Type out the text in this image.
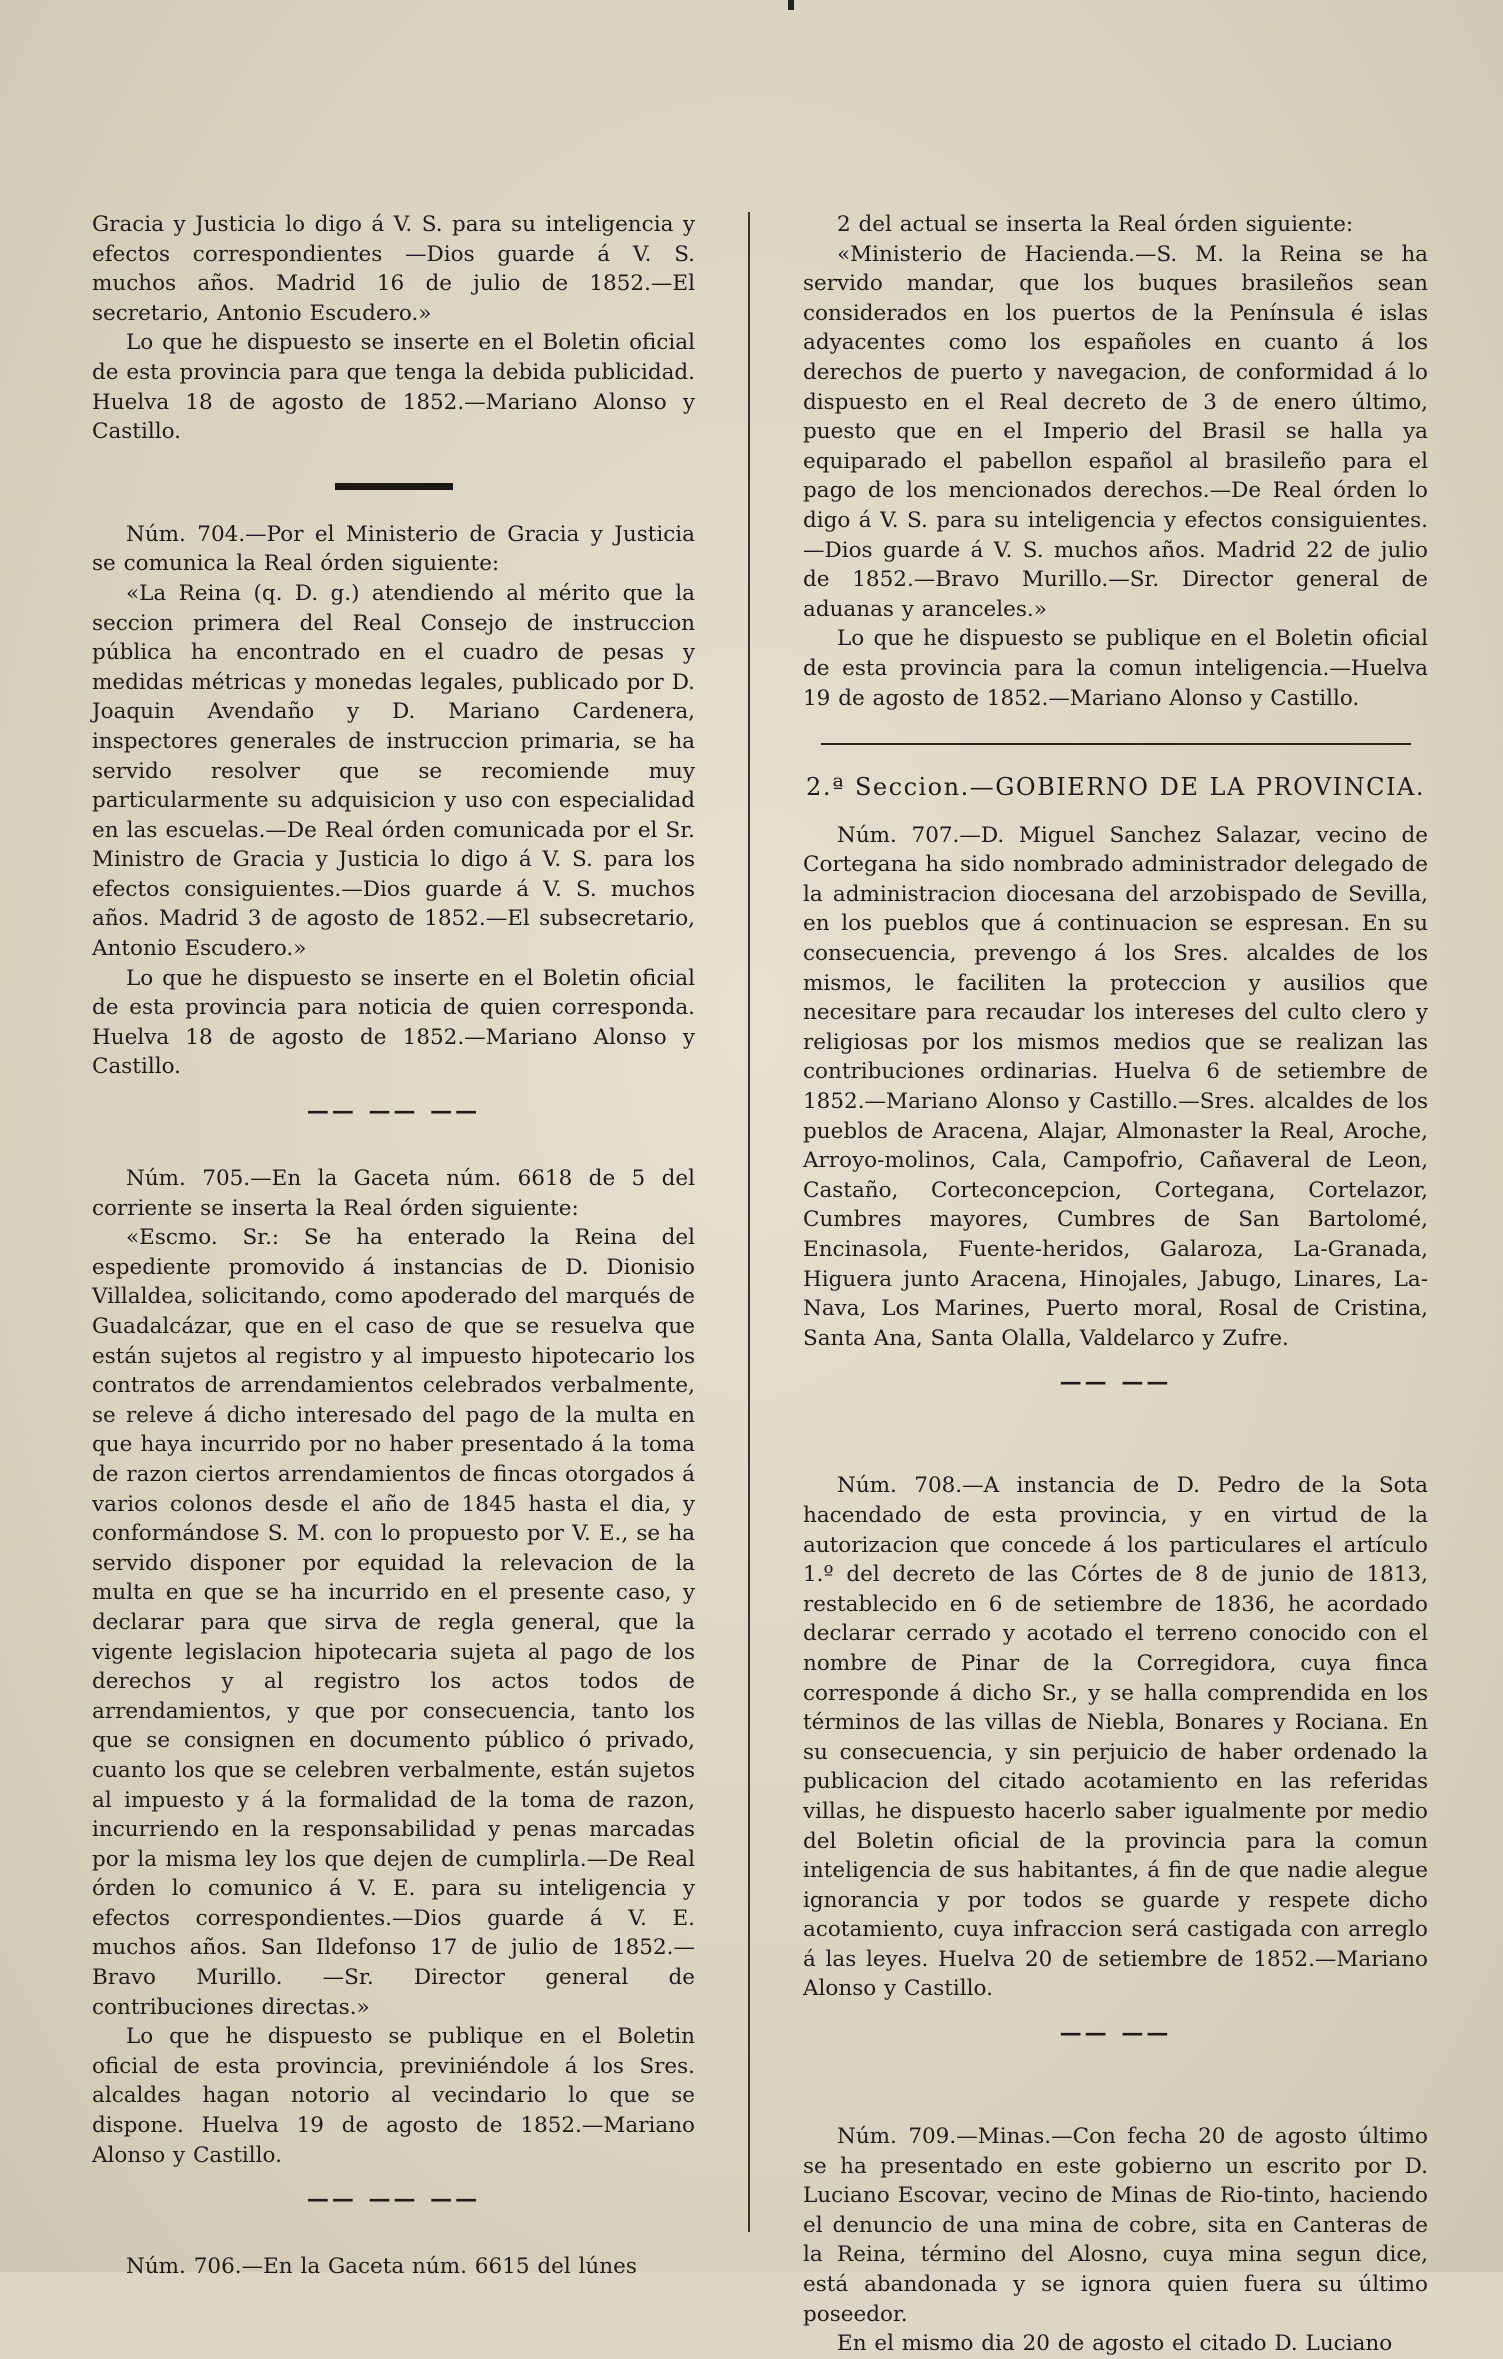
Gracia y Justicia lo digo á V. S. para su inteligencia y efectos correspondientes —Dios guarde á V. S. muchos años. Madrid 16 de julio de 1852.—El secretario, Antonio Escudero.»

Lo que he dispuesto se inserte en el Boletin oficial de esta provincia para que tenga la debida publicidad. Huelva 18 de agosto de 1852.—Mariano Alonso y Castillo.

Núm. 704.—Por el Ministerio de Gracia y Justicia se comunica la Real órden siguiente:

«La Reina (q. D. g.) atendiendo al mérito que la seccion primera del Real Consejo de instruccion pública ha encontrado en el cuadro de pesas y medidas métricas y monedas legales, publicado por D. Joaquin Avendaño y D. Mariano Cardenera, inspectores generales de instruccion primaria, se ha servido resolver que se recomiende muy particularmente su adquisicion y uso con especialidad en las escuelas.—De Real órden comunicada por el Sr. Ministro de Gracia y Justicia lo digo á V. S. para los efectos consiguientes.—Dios guarde á V. S. muchos años. Madrid 3 de agosto de 1852.—El subsecretario, Antonio Escudero.»

Lo que he dispuesto se inserte en el Boletin oficial de esta provincia para noticia de quien corresponda. Huelva 18 de agosto de 1852.—Mariano Alonso y Castillo.

—— —— ——

Núm. 705.—En la Gaceta núm. 6618 de 5 del corriente se inserta la Real órden siguiente:

«Escmo. Sr.: Se ha enterado la Reina del espediente promovido á instancias de D. Dionisio Villaldea, solicitando, como apoderado del marqués de Guadalcázar, que en el caso de que se resuelva que están sujetos al registro y al impuesto hipotecario los contratos de arrendamientos celebrados verbalmente, se releve á dicho interesado del pago de la multa en que haya incurrido por no haber presentado á la toma de razon ciertos arrendamientos de fincas otorgados á varios colonos desde el año de 1845 hasta el dia, y conformándose S. M. con lo propuesto por V. E., se ha servido disponer por equidad la relevacion de la multa en que se ha incurrido en el presente caso, y declarar para que sirva de regla general, que la vigente legislacion hipotecaria sujeta al pago de los derechos y al registro los actos todos de arrendamientos, y que por consecuencia, tanto los que se consignen en documento público ó privado, cuanto los que se celebren verbalmente, están sujetos al impuesto y á la formalidad de la toma de razon, incurriendo en la responsabilidad y penas marcadas por la misma ley los que dejen de cumplirla.—De Real órden lo comunico á V. E. para su inteligencia y efectos correspondientes.—Dios guarde á V. E. muchos años. San Ildefonso 17 de julio de 1852.—Bravo Murillo. —Sr. Director general de contribuciones directas.»

Lo que he dispuesto se publique en el Boletin oficial de esta provincia, previniéndole á los Sres. alcaldes hagan notorio al vecindario lo que se dispone. Huelva 19 de agosto de 1852.—Mariano Alonso y Castillo.

—— —— ——

Núm. 706.—En la Gaceta núm. 6615 del lúnes

2 del actual se inserta la Real órden siguiente:

«Ministerio de Hacienda.—S. M. la Reina se ha servido mandar, que los buques brasileños sean considerados en los puertos de la Península é islas adyacentes como los españoles en cuanto á los derechos de puerto y navegacion, de conformidad á lo dispuesto en el Real decreto de 3 de enero último, puesto que en el Imperio del Brasil se halla ya equiparado el pabellon español al brasileño para el pago de los mencionados derechos.—De Real órden lo digo á V. S. para su inteligencia y efectos consiguientes.—Dios guarde á V. S. muchos años. Madrid 22 de julio de 1852.—Bravo Murillo.—Sr. Director general de aduanas y aranceles.»

Lo que he dispuesto se publique en el Boletin oficial de esta provincia para la comun inteligencia.—Huelva 19 de agosto de 1852.—Mariano Alonso y Castillo.

2.ª Seccion.—GOBIERNO DE LA PROVINCIA.

Núm. 707.—D. Miguel Sanchez Salazar, vecino de Cortegana ha sido nombrado administrador delegado de la administracion diocesana del arzobispado de Sevilla, en los pueblos que á continuacion se espresan. En su consecuencia, prevengo á los Sres. alcaldes de los mismos, le faciliten la proteccion y ausilios que necesitare para recaudar los intereses del culto clero y religiosas por los mismos medios que se realizan las contribuciones ordinarias. Huelva 6 de setiembre de 1852.—Mariano Alonso y Castillo.—Sres. alcaldes de los pueblos de Aracena, Alajar, Almonaster la Real, Aroche, Arroyo-molinos, Cala, Campofrio, Cañaveral de Leon, Castaño, Corteconcepcion, Cortegana, Cortelazor, Cumbres mayores, Cumbres de San Bartolomé, Encinasola, Fuente-heridos, Galaroza, La-Granada, Higuera junto Aracena, Hinojales, Jabugo, Linares, La-Nava, Los Marines, Puerto moral, Rosal de Cristina, Santa Ana, Santa Olalla, Valdelarco y Zufre.

—— ——

Núm. 708.—A instancia de D. Pedro de la Sota hacendado de esta provincia, y en virtud de la autorizacion que concede á los particulares el artículo 1.º del decreto de las Córtes de 8 de junio de 1813, restablecido en 6 de setiembre de 1836, he acordado declarar cerrado y acotado el terreno conocido con el nombre de Pinar de la Corregidora, cuya finca corresponde á dicho Sr., y se halla comprendida en los términos de las villas de Niebla, Bonares y Rociana. En su consecuencia, y sin perjuicio de haber ordenado la publicacion del citado acotamiento en las referidas villas, he dispuesto hacerlo saber igualmente por medio del Boletin oficial de la provincia para la comun inteligencia de sus habitantes, á fin de que nadie alegue ignorancia y por todos se guarde y respete dicho acotamiento, cuya infraccion será castigada con arreglo á las leyes. Huelva 20 de setiembre de 1852.—Mariano Alonso y Castillo.

—— ——

Núm. 709.—Minas.—Con fecha 20 de agosto último se ha presentado en este gobierno un escrito por D. Luciano Escovar, vecino de Minas de Rio-tinto, haciendo el denuncio de una mina de cobre, sita en Canteras de la Reina, término del Alosno, cuya mina segun dice, está abandonada y se ignora quien fuera su último poseedor.

En el mismo dia 20 de agosto el citado D. Luciano
